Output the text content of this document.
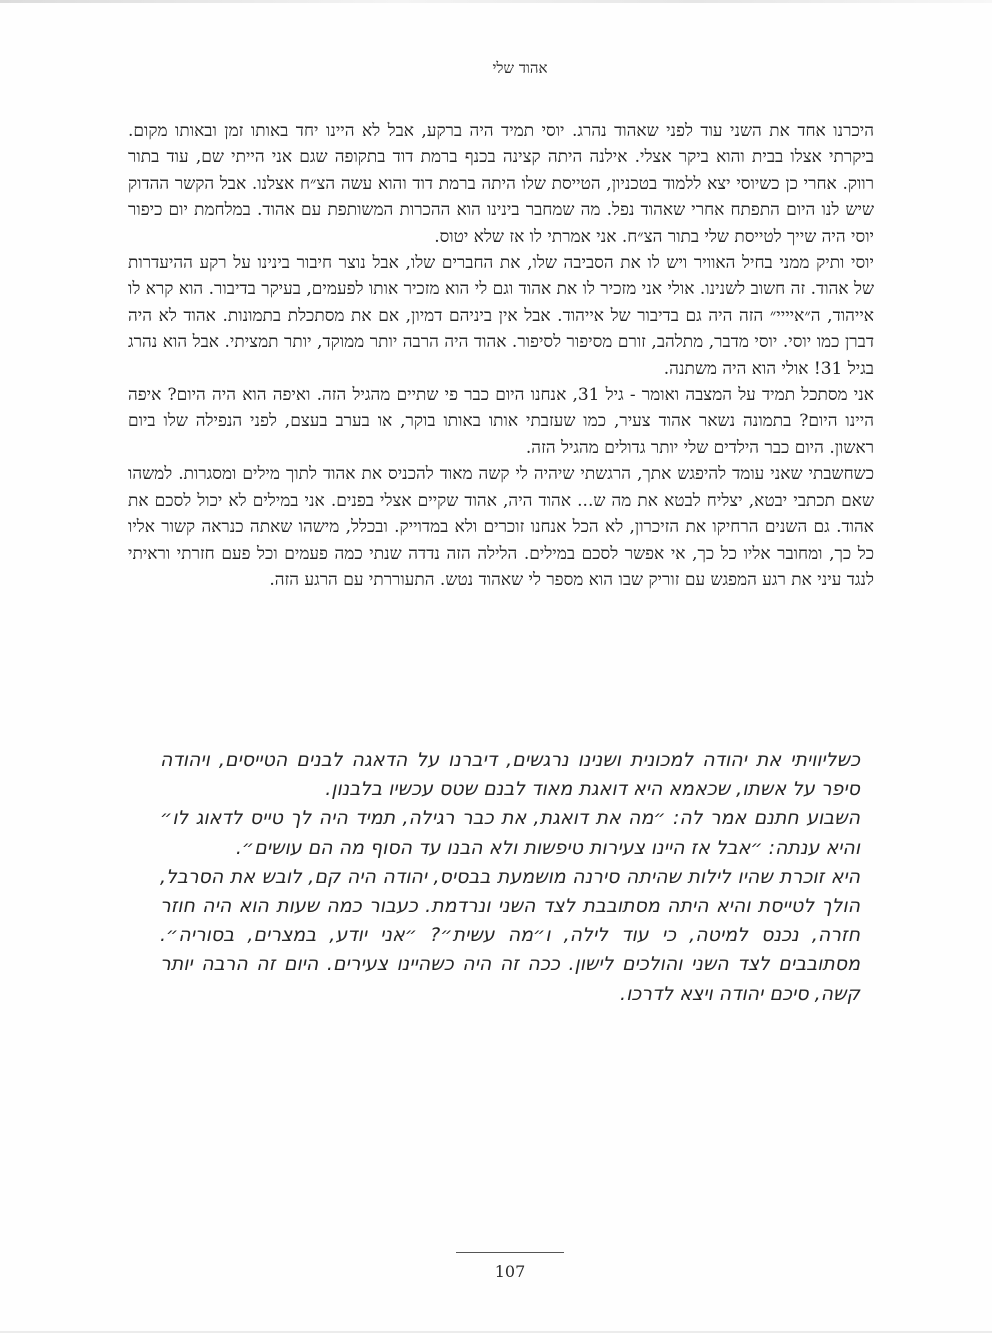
אהוד שלי

היכרנו אחד את השני עוד לפני שאהוד נהרג. יוסי תמיד היה ברקע, אבל לא היינו יחד באותו זמן ובאותו מקום. ביקרתי אצלו בבית והוא ביקר אצלי. אילנה היתה קצינה בכנף ברמת דוד בתקופה שגם אני הייתי שם, עוד בתור רווק. אחרי כן כשיוסי יצא ללמוד בטכניון, הטייסת שלו היתה ברמת דוד והוא עשה הצ״ח אצלנו. אבל הקשר ההדוק שיש לנו היום התפתח אחרי שאהוד נפל. מה שמחבר בינינו הוא ההכרות המשותפת עם אהוד. במלחמת יום כיפור יוסי היה שייך לטייסת שלי בתור הצ״ח. אני אמרתי לו אז שלא יטוס.

יוסי ותיק ממני בחיל האוויר ויש לו את הסביבה שלו, את החברים שלו, אבל נוצר חיבור בינינו על רקע ההיעדרות של אהוד. זה חשוב לשנינו. אולי אני מזכיר לו את אהוד וגם לי הוא מזכיר אותו לפעמים, בעיקר בדיבור. הוא קרא לו אייהוד, ה״איייי״ הזה היה גם בדיבור של אייהוד. אבל אין ביניהם דמיון, אם את מסתכלת בתמונות. אהוד לא היה דברן כמו יוסי. יוסי מדבר, מתלהב, זורם מסיפור לסיפור. אהוד היה הרבה יותר ממוקד, יותר תמציתי. אבל הוא נהרג בגיל 31! אולי הוא היה משתנה.

אני מסתכל תמיד על המצבה ואומר - גיל 31, אנחנו היום כבר פי שתיים מהגיל הזה. ואיפה הוא היה היום? איפה היינו היום? בתמונה נשאר אהוד צעיר, כמו שעזבתי אותו באותו בוקר, או בערב בעצם, לפני הנפילה שלו ביום ראשון. היום כבר הילדים שלי יותר גדולים מהגיל הזה.

כשחשבתי שאני עומד להיפגש אתך, הרגשתי שיהיה לי קשה מאוד להכניס את אהוד לתוך מילים ומסגרות. למשהו שאם תכתבי יבטא, יצליח לבטא את מה ש... אהוד היה, אהוד שקיים אצלי בפנים. אני במילים לא יכול לסכם את אהוד. גם השנים הרחיקו את הזיכרון, לא הכל אנחנו זוכרים ולא במדוייק. ובכלל, מישהו שאתה כנראה קשור אליו כל כך, ומחובר אליו כל כך, אי אפשר לסכם במילים. הלילה הזה נדדה שנתי כמה פעמים וכל פעם חזרתי וראיתי לנגד עיני את רגע המפגש עם זוריק שבו הוא מספר לי שאהוד נטש. התעוררתי עם הרגע הזה.

כשליוויתי את יהודה למכונית ושנינו נרגשים, דיברנו על הדאגה לבנים הטייסים, ויהודה סיפר על אשתו, שכאמא היא דואגת מאוד לבנם שטס עכשיו בלבנון.

השבוע חתנם אמר לה: ״מה את דואגת, את כבר רגילה, תמיד היה לך טייס לדאוג לו״ והיא ענתה: ״אבל אז היינו צעירות טיפשות ולא הבנו עד הסוף מה הם עושים״.

היא זוכרת שהיו לילות שהיתה סירנה מושמעת בבסיס, יהודה היה קם, לובש את הסרבל, הולך לטייסת והיא היתה מסתובבת לצד השני ונרדמת. כעבור כמה שעות הוא היה חוזר חזרה, נכנס למיטה, כי עוד לילה, ו״מה עשית״? ״אני יודע, במצרים, בסוריה״. מסתובבים לצד השני והולכים לישון. ככה זה היה כשהיינו צעירים. היום זה הרבה יותר קשה, סיכם יהודה ויצא לדרכו.

107
